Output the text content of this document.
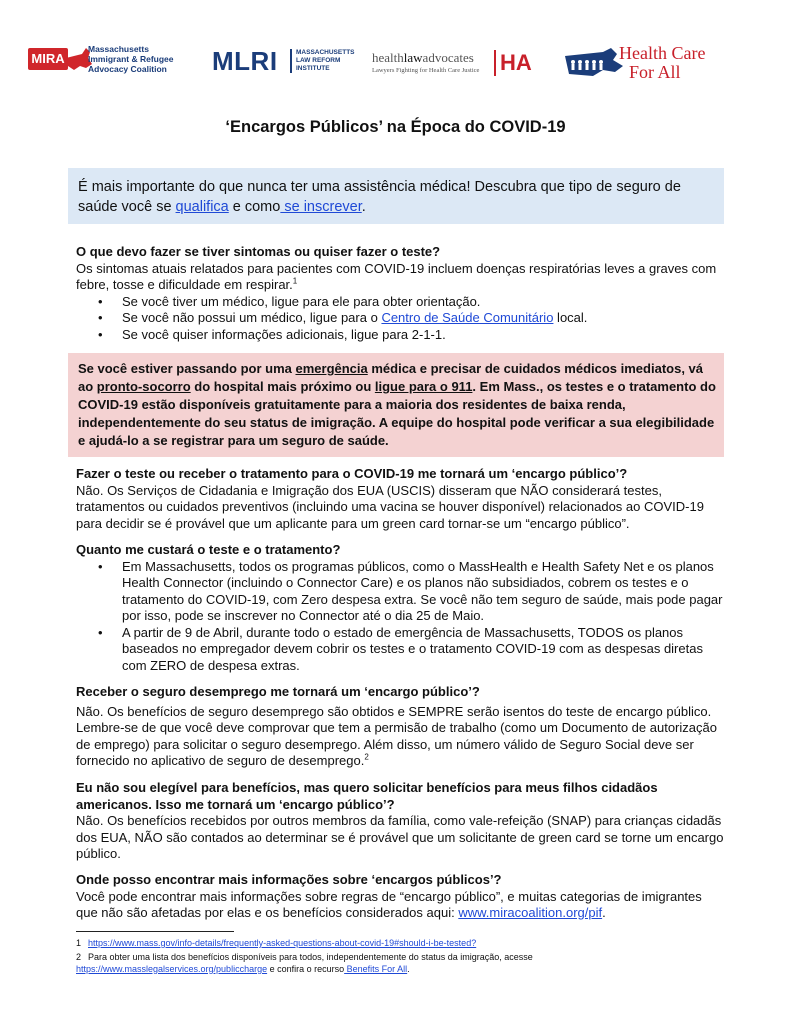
MIRA
Massachusetts
Immigrant & Refugee
Advocacy Coalition MLRI	MASSACHUSETTS
LAW REFORM
INSTITUTE
healthlawadvocates
Lawyers Fighting for Health Care Justice HA	Health Care
For All
‘Encargos Públicos’ na Época do COVID-19
É mais importante do que nunca ter uma assistência médica! Descubra que tipo de seguro de saúde você se qualifica e como se inscrever.
O que devo fazer se tiver sintomas ou quiser fazer o teste?
Os sintomas atuais relatados para pacientes com COVID-19 incluem doenças respiratórias leves a graves com febre, tosse e dificuldade em respirar.$^1$
• Se você tiver um médico, ligue para ele para obter orientação.
• Se você não possui um médico, ligue para o Centro de Saúde Comunitário local.
• Se você quiser informações adicionais, ligue para 2-1-1.
Se você estiver passando por uma emergência médica e precisar de cuidados médicos imediatos, vá ao pronto-socorro do hospital mais próximo ou ligue para o 911. Em Mass., os testes e o tratamento do COVID-19 estão disponíveis gratuitamente para a maioria dos residentes de baixa renda, independentemente do seu status de imigração. A equipe do hospital pode verificar a sua elegibilidade e ajudá-lo a se registrar para um seguro de saúde.
Fazer o teste ou receber o tratamento para o COVID-19 me tornará um ‘encargo público’?
Não. Os Serviços de Cidadania e Imigração dos EUA (USCIS) disseram que NÃO considerará testes, tratamentos ou cuidados preventivos (incluindo uma vacina se houver disponível) relacionados ao COVID-19 para decidir se é provável que um aplicante para um green card tornar-se um “encargo público”.
Quanto me custará o teste e o tratamento?
• Em Massachusetts, todos os programas públicos, como o MassHealth e Health Safety Net e os planos Health Connector (incluindo o Connector Care) e os planos não subsidiados, cobrem os testes e o tratamento do COVID-19, com Zero despesa extra. Se você não tem seguro de saúde, mais pode pagar por isso, pode se inscrever no Connector até o dia 25 de Maio.
• A partir de 9 de Abril, durante todo o estado de emergência de Massachusetts, TODOS os planos baseados no empregador devem cobrir os testes e o tratamento COVID-19 com as despesas diretas com ZERO de despesa extras.
Receber o seguro desemprego me tornará um ‘encargo público’?
Não. Os benefícios de seguro desemprego são obtidos e SEMPRE serão isentos do teste de encargo público. Lembre-se de que você deve comprovar que tem a permisão de trabalho (como um Documento de autorização de emprego) para solicitar o seguro desemprego. Além disso, um número válido de Seguro Social deve ser fornecido no aplicativo de seguro de desemprego.$^2$
Eu não sou elegível para benefícios, mas quero solicitar benefícios para meus filhos cidadãos americanos. Isso me tornará um ‘encargo público’?
Não. Os benefícios recebidos por outros membros da família, como vale-refeição (SNAP) para crianças cidadãs dos EUA, NÃO são contados ao determinar se é provável que um solicitante de green card se torne um encargo público.
Onde posso encontrar mais informações sobre ‘encargos públicos’?
Você pode encontrar mais informações sobre regras de “encargo público”, e muitas categorias de imigrantes que não são afetadas por elas e os benefícios considerados aqui: www.miracoalition.org/pif.
1 https://www.mass.gov/info-details/frequently-asked-questions-about-covid-19#should-i-be-tested?
2 Para obter uma lista dos benefícios disponíveis para todos, independentemente do status da imigração, acesse
https://www.masslegalservices.org/publiccharge e confira o recurso Benefits For All.
